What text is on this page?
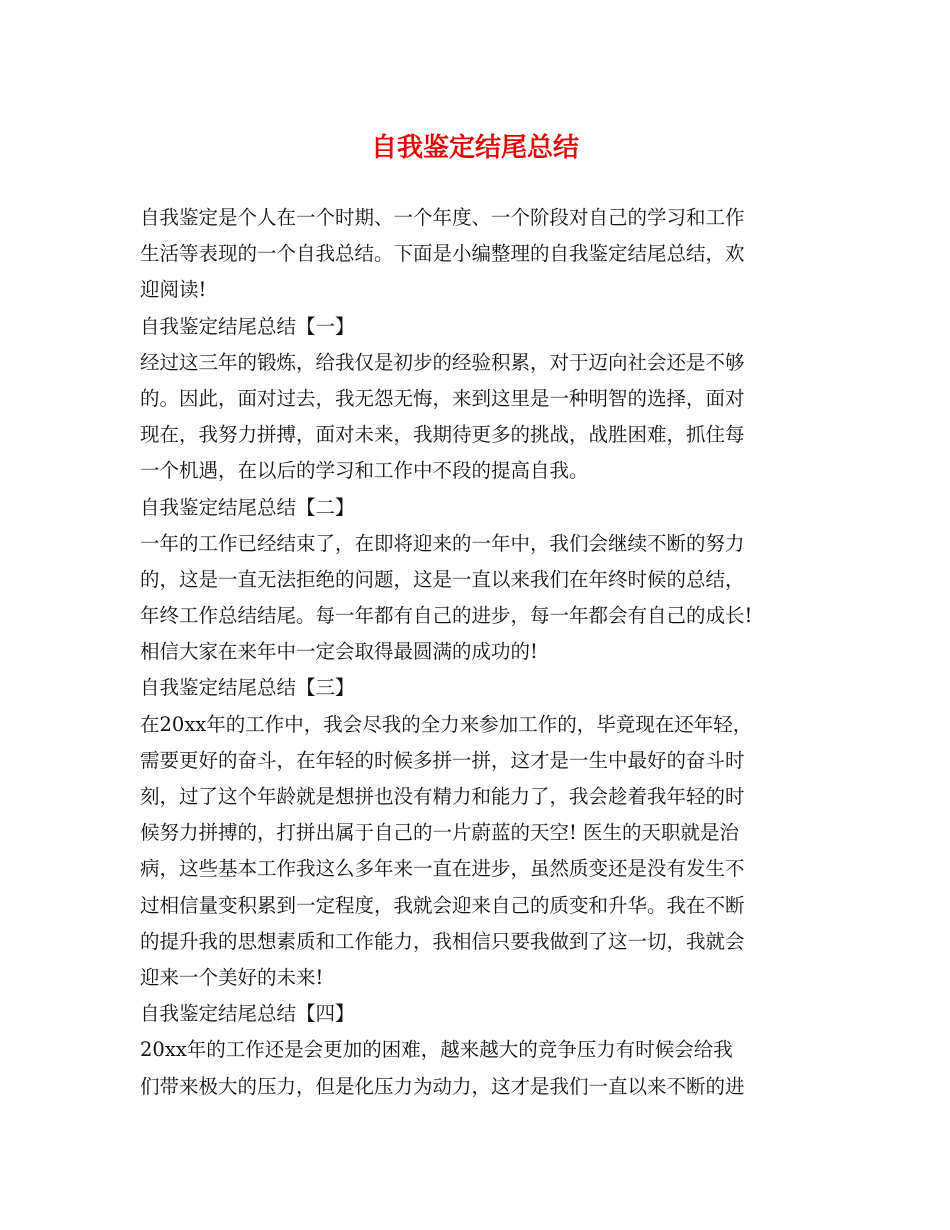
自我鉴定结尾总结
自我鉴定是个人在一个时期、一个年度、一个阶段对自己的学习和工作
生活等表现的一个自我总结。下面是小编整理的自我鉴定结尾总结，欢
迎阅读!
自我鉴定结尾总结【一】
经过这三年的锻炼，给我仅是初步的经验积累，对于迈向社会还是不够
的。因此，面对过去，我无怨无悔，来到这里是一种明智的选择，面对
现在，我努力拼搏，面对未来，我期待更多的挑战，战胜困难，抓住每
一个机遇，在以后的学习和工作中不段的提高自我。
自我鉴定结尾总结【二】
一年的工作已经结束了，在即将迎来的一年中，我们会继续不断的努力
的，这是一直无法拒绝的问题，这是一直以来我们在年终时候的总结，
年终工作总结结尾。每一年都有自己的进步，每一年都会有自己的成长!
相信大家在来年中一定会取得最圆满的成功的!
自我鉴定结尾总结【三】
在20xx年的工作中，我会尽我的全力来参加工作的，毕竟现在还年轻，
需要更好的奋斗，在年轻的时候多拼一拼，这才是一生中最好的奋斗时
刻，过了这个年龄就是想拼也没有精力和能力了，我会趁着我年轻的时
候努力拼搏的，打拼出属于自己的一片蔚蓝的天空! 医生的天职就是治
病，这些基本工作我这么多年来一直在进步，虽然质变还是没有发生不
过相信量变积累到一定程度，我就会迎来自己的质变和升华。我在不断
的提升我的思想素质和工作能力，我相信只要我做到了这一切，我就会
迎来一个美好的未来!
自我鉴定结尾总结【四】
20xx年的工作还是会更加的困难，越来越大的竞争压力有时候会给我
们带来极大的压力，但是化压力为动力，这才是我们一直以来不断的进
